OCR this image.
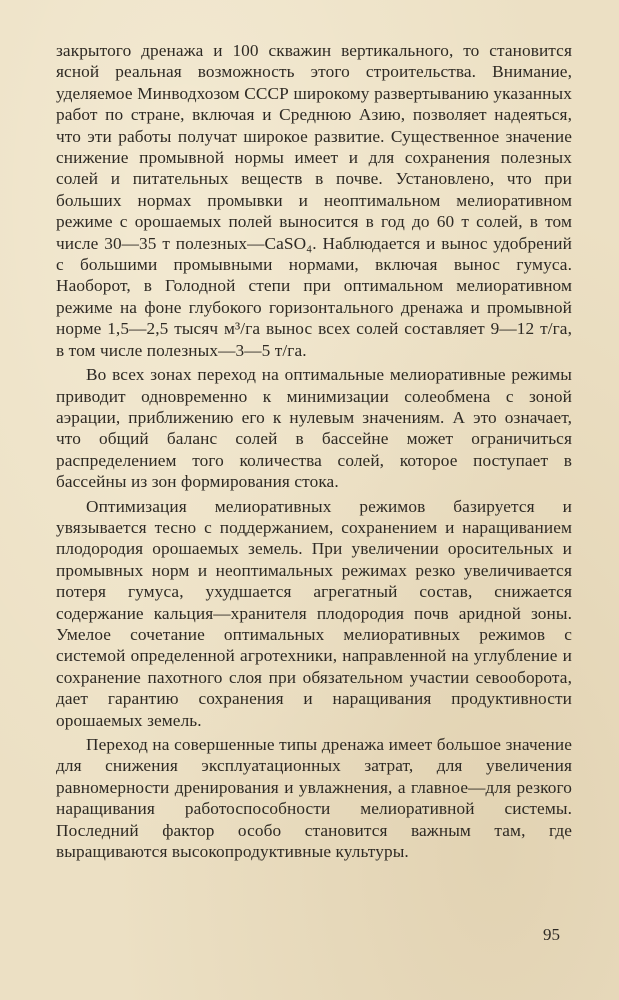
закрытого дренажа и 100 скважин вертикального, то становится ясной реальная возможность этого строительства. Внимание, уделяемое Минводхозом СССР широкому развертыванию указанных работ по стране, включая и Среднюю Азию, позволяет надеяться, что эти работы получат широкое развитие. Существенное значение снижение промывной нормы имеет и для сохранения полезных солей и питательных веществ в почве. Установлено, что при больших нормах промывки и неоптимальном мелиоративном режиме с орошаемых полей выносится в год до 60 т солей, в том числе 30—35 т полезных—CaSO₄. Наблюдается и вынос удобрений с большими промывными нормами, включая вынос гумуса. Наоборот, в Голодной степи при оптимальном мелиоративном режиме на фоне глубокого горизонтального дренажа и промывной норме 1,5—2,5 тысяч м³/га вынос всех солей составляет 9—12 т/га, в том числе полезных—3—5 т/га.

Во всех зонах переход на оптимальные мелиоративные режимы приводит одновременно к минимизации солеобмена с зоной аэрации, приближению его к нулевым значениям. А это означает, что общий баланс солей в бассейне может ограничиться распределением того количества солей, которое поступает в бассейны из зон формирования стока.

Оптимизация мелиоративных режимов базируется и увязывается тесно с поддержанием, сохранением и наращиванием плодородия орошаемых земель. При увеличении оросительных и промывных норм и неоптимальных режимах резко увеличивается потеря гумуса, ухудшается агрегатный состав, снижается содержание кальция—хранителя плодородия почв аридной зоны. Умелое сочетание оптимальных мелиоративных режимов с системой определенной агротехники, направленной на углубление и сохранение пахотного слоя при обязательном участии севооборота, дает гарантию сохранения и наращивания продуктивности орошаемых земель.

Переход на совершенные типы дренажа имеет большое значение для снижения эксплуатационных затрат, для увеличения равномерности дренирования и увлажнения, а главное—для резкого наращивания работоспособности мелиоративной системы. Последний фактор особо становится важным там, где выращиваются высокопродуктивные культуры.

95
